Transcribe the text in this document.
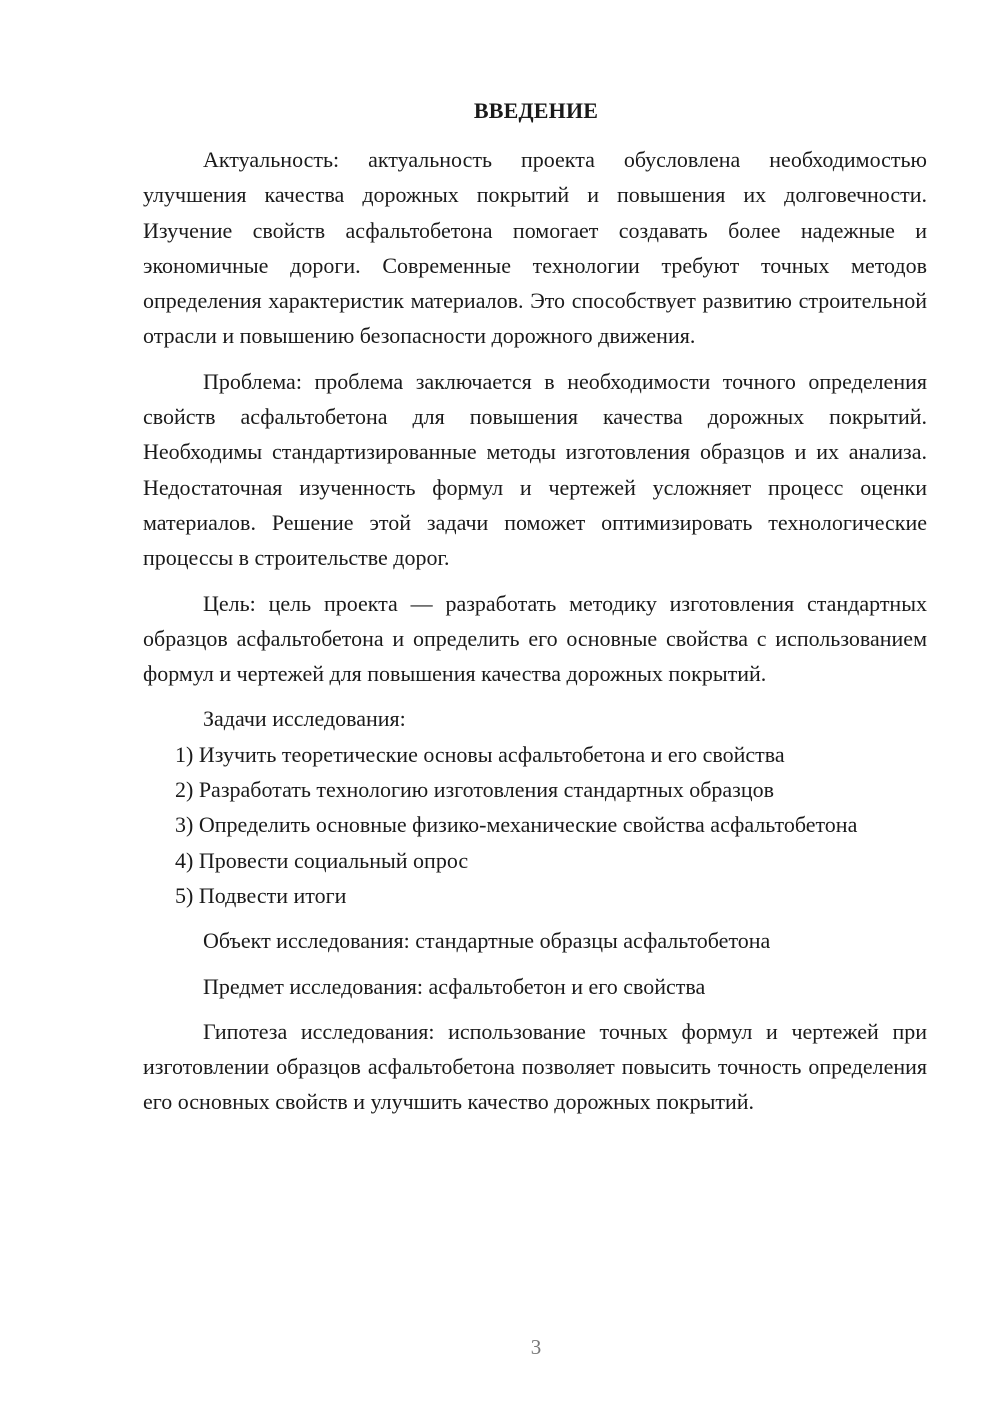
ВВЕДЕНИЕ

Актуальность: актуальность проекта обусловлена необходимостью улучшения качества дорожных покрытий и повышения их долговечности. Изучение свойств асфальтобетона помогает создавать более надежные и экономичные дороги. Современные технологии требуют точных методов определения характеристик материалов. Это способствует развитию строительной отрасли и повышению безопасности дорожного движения.

Проблема: проблема заключается в необходимости точного определения свойств асфальтобетона для повышения качества дорожных покрытий. Необходимы стандартизированные методы изготовления образцов и их анализа. Недостаточная изученность формул и чертежей усложняет процесс оценки материалов. Решение этой задачи поможет оптимизировать технологические процессы в строительстве дорог.

Цель: цель проекта — разработать методику изготовления стандартных образцов асфальтобетона и определить его основные свойства с использованием формул и чертежей для повышения качества дорожных покрытий.

Задачи исследования:

1) Изучить теоретические основы асфальтобетона и его свойства

2) Разработать технологию изготовления стандартных образцов

3) Определить основные физико-механические свойства асфальтобетона

4) Провести социальный опрос

5) Подвести итоги

Объект исследования: стандартные образцы асфальтобетона

Предмет исследования: асфальтобетон и его свойства

Гипотеза исследования: использование точных формул и чертежей при изготовлении образцов асфальтобетона позволяет повысить точность определения его основных свойств и улучшить качество дорожных покрытий.

3
